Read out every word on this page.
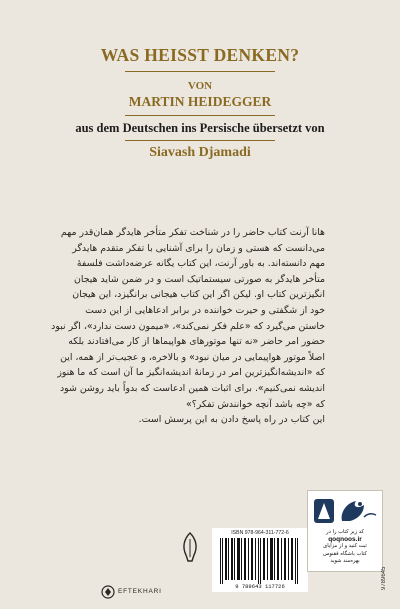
WAS HEISST DENKEN?
VON
MARTIN HEIDEGGER
aus dem Deutschen ins Persische übersetzt von
Siavash Djamadi
هانا آرنت کتاب حاضر را در شناخت تفکر متأخر هایدگر همان‌قدر مهم
می‌دانست که هستی و زمان را برای آشنایی با تفکر متقدم هایدگر
مهم دانسته‌اند. به باور آرنت، این کتاب یگانه عرضه‌داشت فلسفهٔ
متأخر هایدگر به صورتی سیستماتیک است و در ضمن شاید هیجان
انگیزترین کتاب او. لیکن اگر این کتاب هیجانی برانگیزد، این هیجان
خود از شگفتی و حیرت خواننده در برابر ادعاهایی از این دست
خاستن می‌گیرد که «علم فکر نمی‌کند»، «میمون دست ندارد»، اگر نبود
حضور امر حاضر «نه تنها موتورهای هواپیماها از کار می‌افتادند بلکه
اصلاً موتور هواپیمایی در میان نبود» و بالاخره، و عجیب‌تر از همه، این
که «اندیشه‌انگیزترین امر در زمانهٔ اندیشه‌انگیز ما آن است که ما هنوز
اندیشه نمی‌کنیم». برای اثبات همین ادعاست که بدواً باید روشن شود
که «چه باشد آنچه خوانندش تفکر؟»
این کتاب در راه پاسخ دادن به این پرسش است.
ISBN 978-964-311-772-6
9 789643 117726
کد زیر کتاب را در
qoqnoos.ir
ثبت کنید و از مزایای
کتاب باشگاه ققنوس
بهره‌مند شوید
9789645
EFTEKHARI
